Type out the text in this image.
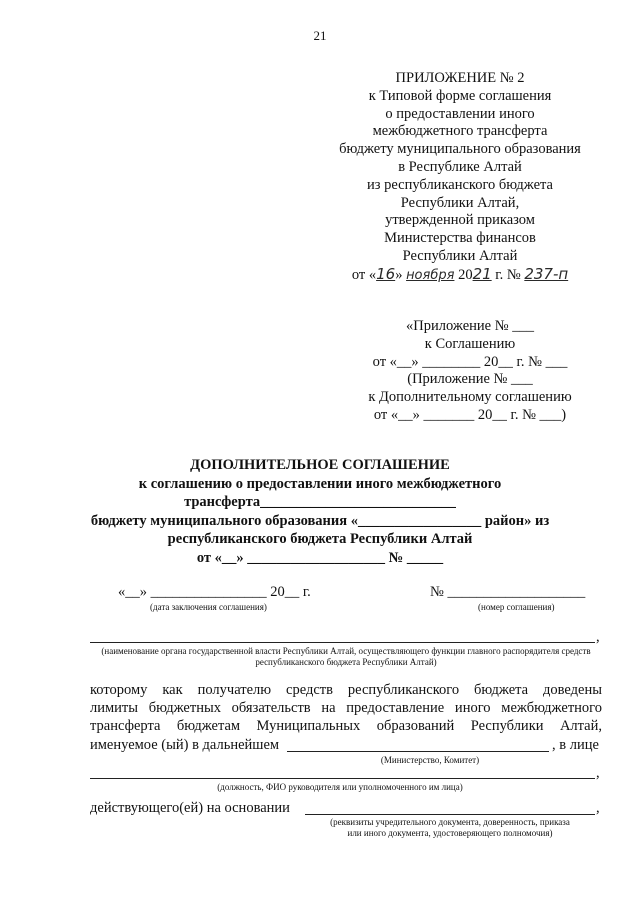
21
ПРИЛОЖЕНИЕ № 2
к Типовой форме соглашения
о предоставлении иного
межбюджетного трансферта
бюджету муниципального образования
в Республике Алтай
из республиканского бюджета
Республики Алтай,
утвержденной приказом
Министерства финансов
Республики Алтай
от «16» ноября 2021 г. № 237-п
«Приложение № ___
к Соглашению
от «__» ________ 20__ г. № ___
(Приложение № ___
к Дополнительному соглашению
от «__» _______ 20__ г. № ___)
ДОПОЛНИТЕЛЬНОЕ СОГЛАШЕНИЕ
к соглашению о предоставлении иного межбюджетного
трансферта___________________________
бюджету муниципального образования «_________________ район» из
республиканского бюджета Республики Алтай
от «__» ___________________ № _____
«__» ________________ 20__ г.
(дата заключения соглашения)
№ ___________________
(номер соглашения)
,
(наименование органа государственной власти Республики Алтай, осуществляющего функции главного распорядителя средств республиканского бюджета Республики Алтай)
которому как получателю средств республиканского бюджета доведены
лимиты бюджетных обязательств на предоставление иного межбюджетного
трансферта бюджетам Муниципальных образований Республики Алтай,
именуемое (ый) в дальнейшем	, в лице
(Министерство, Комитет)
,
(должность, ФИО руководителя или уполномоченного им лица)
действующего(ей) на основании	,
(реквизиты учредительного документа, доверенность, приказа
или иного документа, удостоверяющего полномочия)
